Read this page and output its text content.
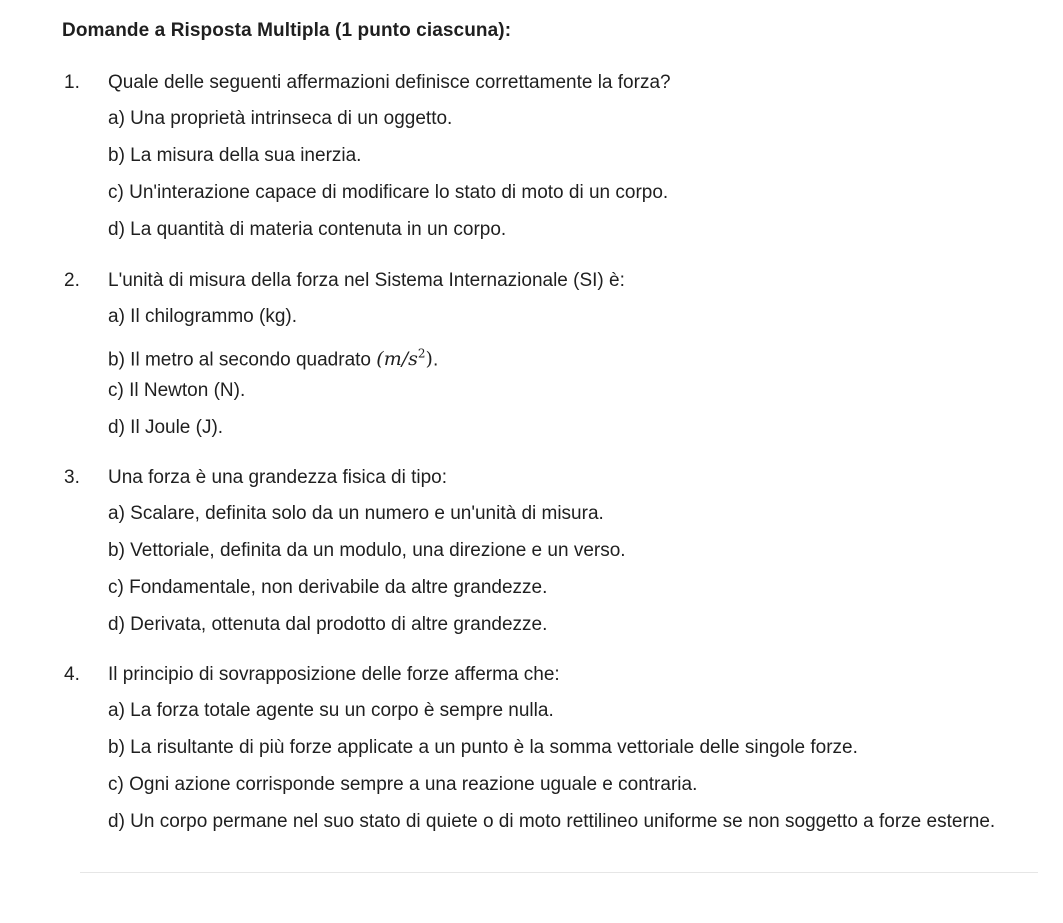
Domande a Risposta Multipla (1 punto ciascuna):
1. Quale delle seguenti affermazioni definisce correttamente la forza?
a) Una proprietà intrinseca di un oggetto.
b) La misura della sua inerzia.
c) Un'interazione capace di modificare lo stato di moto di un corpo.
d) La quantità di materia contenuta in un corpo.
2. L'unità di misura della forza nel Sistema Internazionale (SI) è:
a) Il chilogrammo (kg).
b) Il metro al secondo quadrato $(m/s^2)$.
c) Il Newton (N).
d) Il Joule (J).
3. Una forza è una grandezza fisica di tipo:
a) Scalare, definita solo da un numero e un'unità di misura.
b) Vettoriale, definita da un modulo, una direzione e un verso.
c) Fondamentale, non derivabile da altre grandezze.
d) Derivata, ottenuta dal prodotto di altre grandezze.
4. Il principio di sovrapposizione delle forze afferma che:
a) La forza totale agente su un corpo è sempre nulla.
b) La risultante di più forze applicate a un punto è la somma vettoriale delle singole forze.
c) Ogni azione corrisponde sempre a una reazione uguale e contraria.
d) Un corpo permane nel suo stato di quiete o di moto rettilineo uniforme se non soggetto a forze esterne.
